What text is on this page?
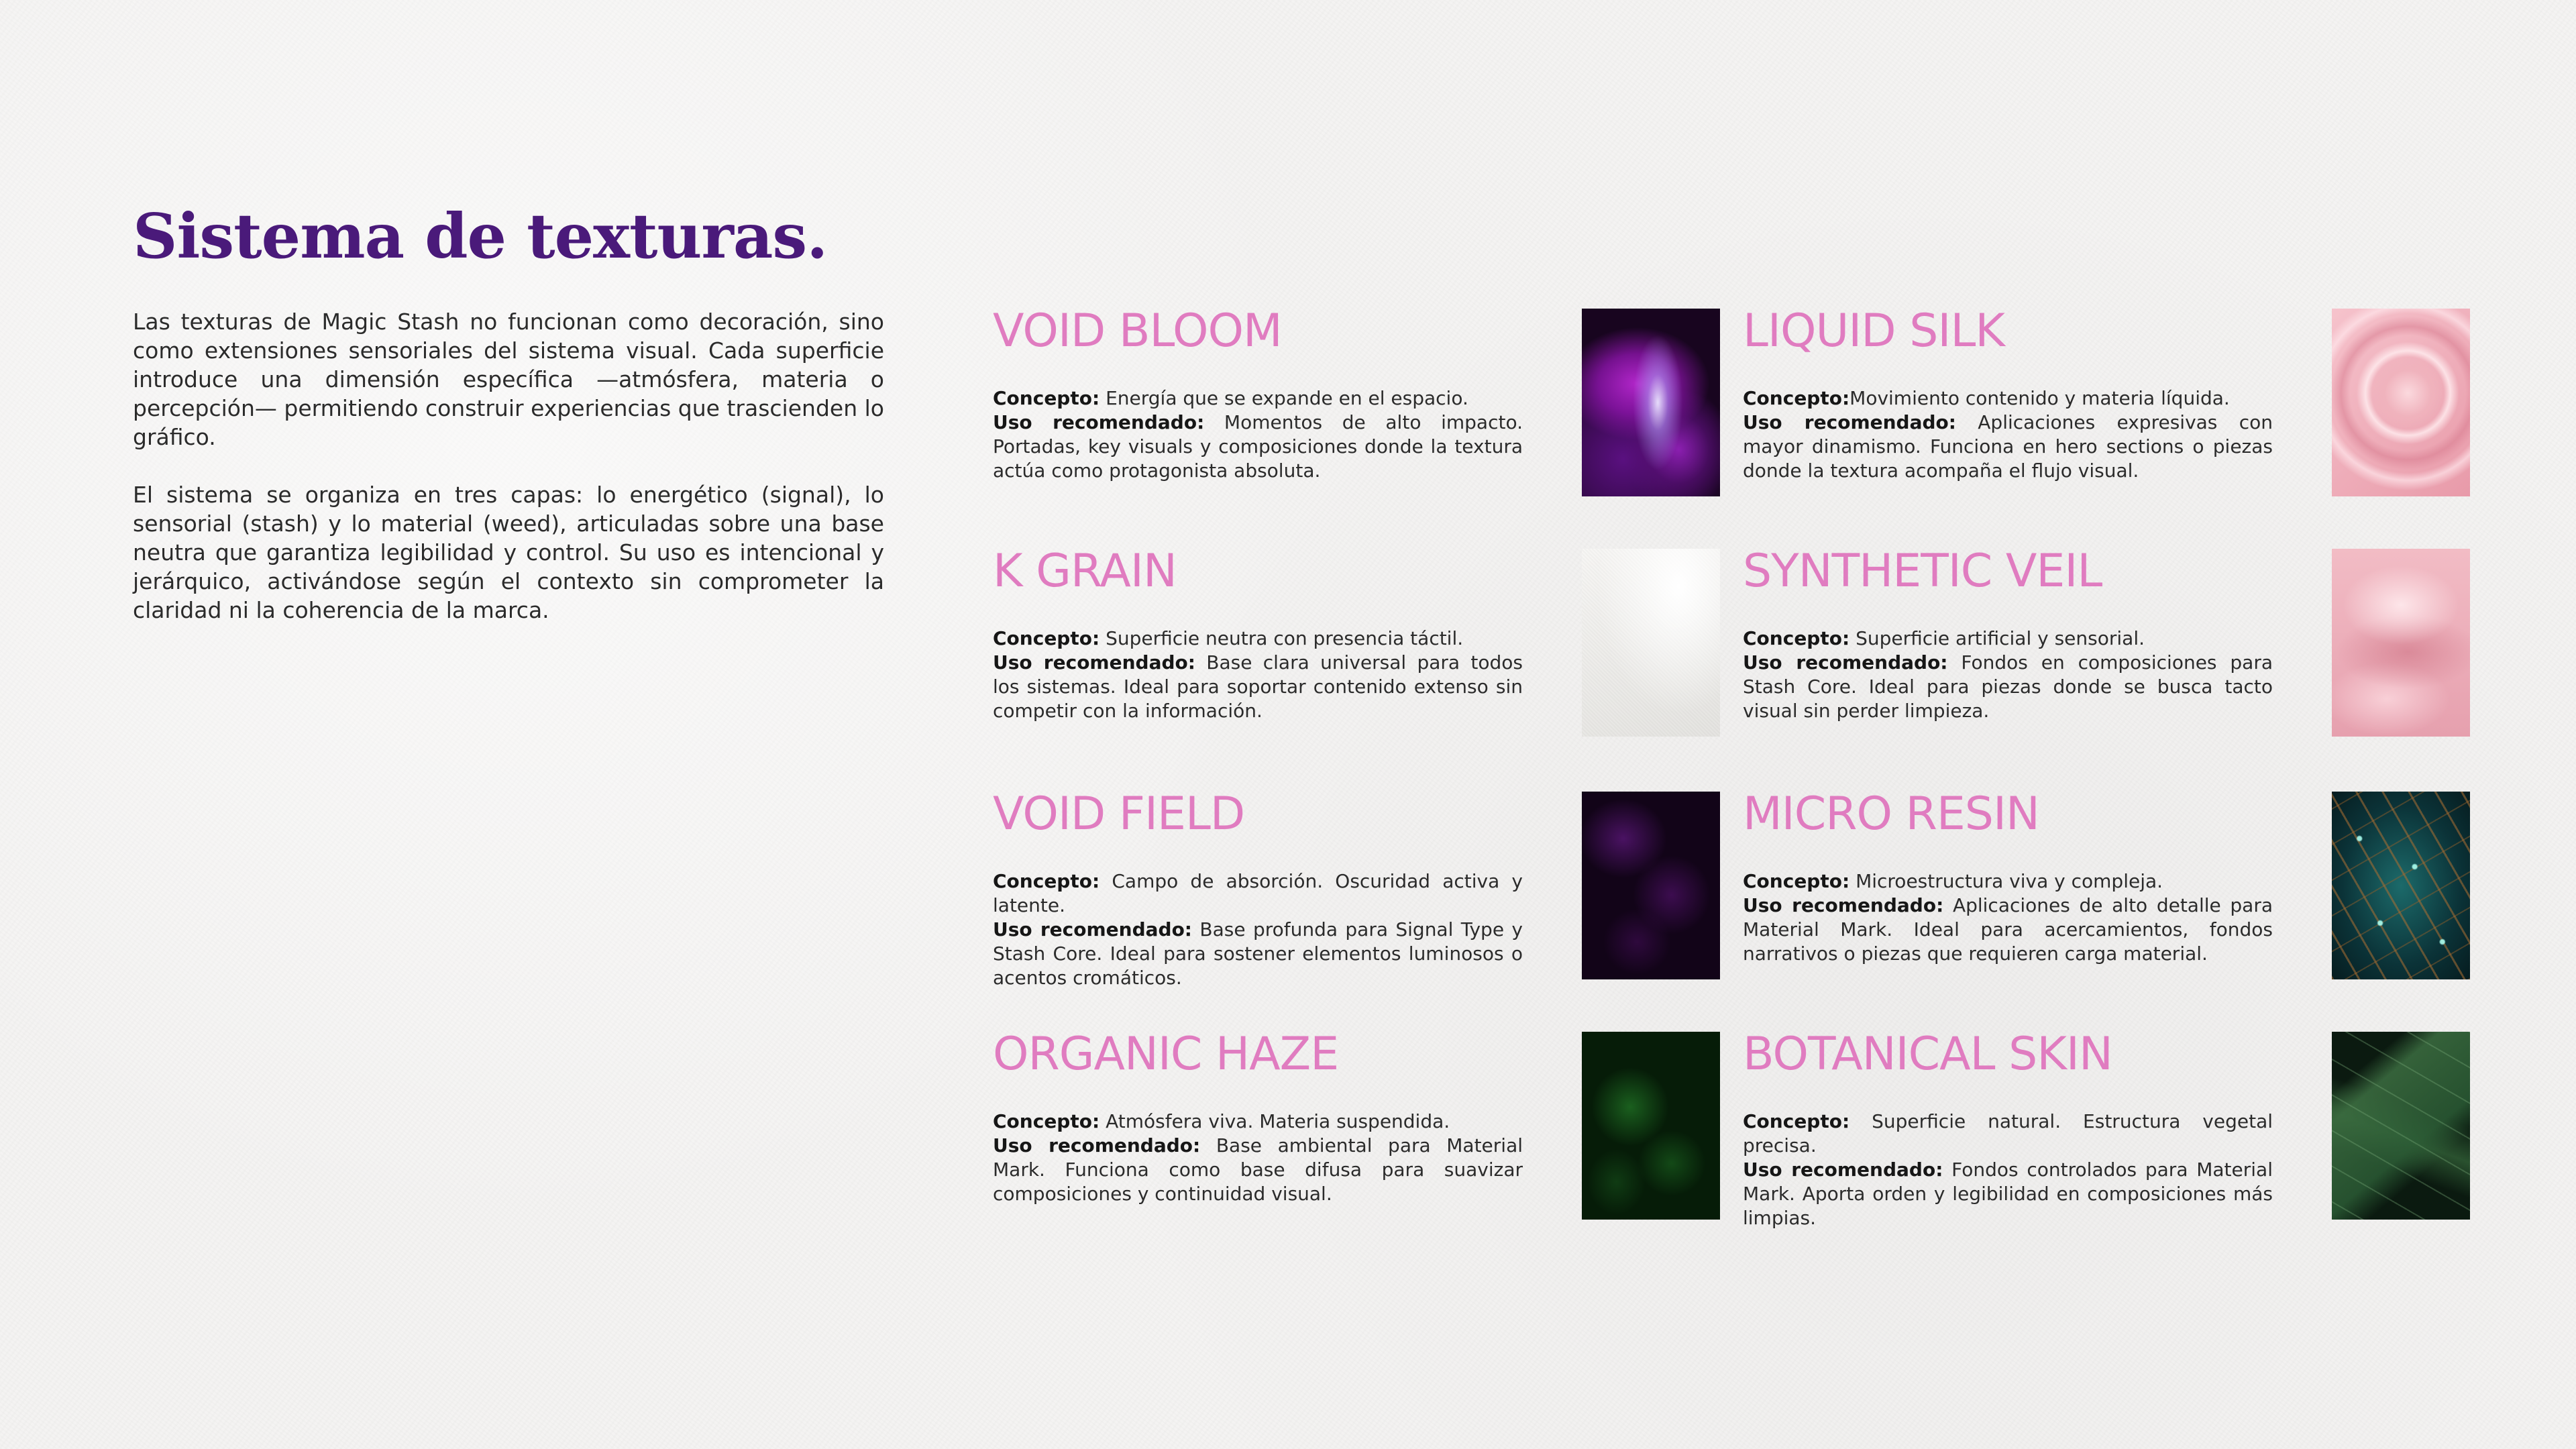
Sistema de texturas.

Las texturas de Magic Stash no funcionan como decoración, sino como extensiones sensoriales del sistema visual. Cada superficie introduce una dimensión específica —atmósfera, materia o percepción— permitiendo construir experiencias que trascienden lo gráfico.

El sistema se organiza en tres capas: lo energético (signal), lo sensorial (stash) y lo material (weed), articuladas sobre una base neutra que garantiza legibilidad y control. Su uso es intencional y jerárquico, activándose según el contexto sin comprometer la claridad ni la coherencia de la marca.

VOID BLOOM

Concepto: Energía que se expande en el espacio.
Uso recomendado: Momentos de alto impacto. Portadas, key visuals y composiciones donde la textura actúa como protagonista absoluta.

K GRAIN

Concepto: Superficie neutra con presencia táctil.
Uso recomendado: Base clara universal para todos los sistemas. Ideal para soportar contenido extenso sin competir con la información.

VOID FIELD

Concepto: Campo de absorción. Oscuridad activa y latente.
Uso recomendado: Base profunda para Signal Type y Stash Core. Ideal para sostener elementos luminosos o acentos cromáticos.

ORGANIC HAZE

Concepto: Atmósfera viva. Materia suspendida.
Uso recomendado: Base ambiental para Material Mark. Funciona como base difusa para suavizar composiciones y continuidad visual.

LIQUID SILK

Concepto:Movimiento contenido y materia líquida.
Uso recomendado: Aplicaciones expresivas con mayor dinamismo. Funciona en hero sections o piezas donde la textura acompaña el flujo visual.

SYNTHETIC VEIL

Concepto: Superficie artificial y sensorial.
Uso recomendado: Fondos en composiciones para Stash Core. Ideal para piezas donde se busca tacto visual sin perder limpieza.

MICRO RESIN

Concepto: Microestructura viva y compleja.
Uso recomendado: Aplicaciones de alto detalle para Material Mark. Ideal para acercamientos, fondos narrativos o piezas que requieren carga material.

BOTANICAL SKIN

Concepto: Superficie natural. Estructura vegetal precisa.
Uso recomendado: Fondos controlados para Material Mark. Aporta orden y legibilidad en composiciones más limpias.
